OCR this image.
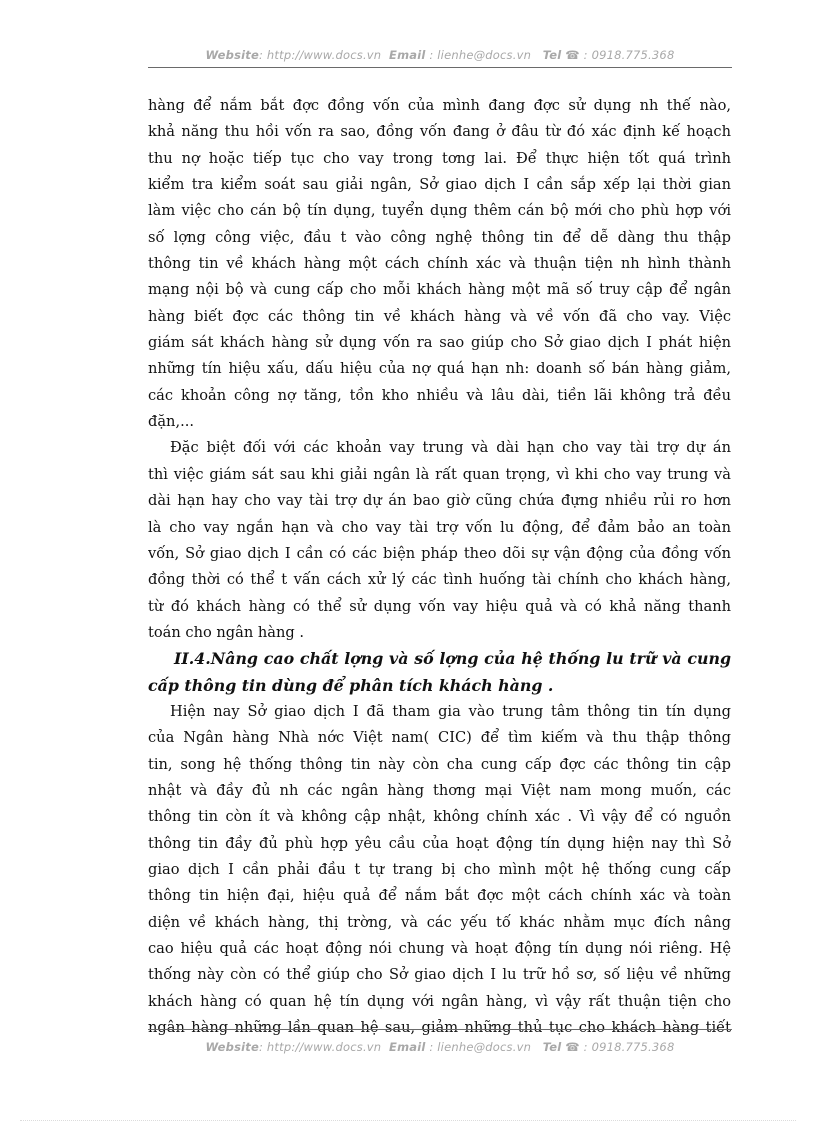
Website: http://www.docs.vn Email : lienhe@docs.vn Tel ☎ : 0918.775.368
hàng để nắm bắt đợc đồng vốn của mình đang đợc sử dụng nh thế nào,
khả năng thu hồi vốn ra sao, đồng vốn đang ở đâu từ đó xác định kế hoạch
thu nợ hoặc tiếp tục cho vay trong tơng lai. Để thực hiện tốt quá trình
kiểm tra kiểm soát sau giải ngân, Sở giao dịch I cần sắp xếp lại thời gian
làm việc cho cán bộ tín dụng, tuyển dụng thêm cán bộ mới cho phù hợp với
số lợng công việc, đầu t vào công nghệ thông tin để dễ dàng thu thập
thông tin về khách hàng một cách chính xác và thuận tiện nh hình thành
mạng nội bộ và cung cấp cho mỗi khách hàng một mã số truy cập để ngân
hàng biết đợc các thông tin về khách hàng và về vốn đã cho vay. Việc
giám sát khách hàng sử dụng vốn ra sao giúp cho Sở giao dịch I phát hiện
những tín hiệu xấu, dấu hiệu của nợ quá hạn nh: doanh số bán hàng giảm,
các khoản công nợ tăng, tồn kho nhiều và lâu dài, tiền lãi không trả đều
đặn,...
Đặc biệt đối với các khoản vay trung và dài hạn cho vay tài trợ dự án
thì việc giám sát sau khi giải ngân là rất quan trọng, vì khi cho vay trung và
dài hạn hay cho vay tài trợ dự án bao giờ cũng chứa đựng nhiều rủi ro hơn
là cho vay ngắn hạn và cho vay tài trợ vốn lu động, để đảm bảo an toàn
vốn, Sở giao dịch I cần có các biện pháp theo dõi sự vận động của đồng vốn
đồng thời có thể t vấn cách xử lý các tình huống tài chính cho khách hàng,
từ đó khách hàng có thể sử dụng vốn vay hiệu quả và có khả năng thanh
toán cho ngân hàng .
II.4.Nâng cao chất lợng và số lợng của hệ thống lu trữ và cung
cấp thông tin dùng để phân tích khách hàng .
Hiện nay Sở giao dịch I đã tham gia vào trung tâm thông tin tín dụng
của Ngân hàng Nhà nớc Việt nam( CIC) để tìm kiếm và thu thập thông
tin, song hệ thống thông tin này còn cha cung cấp đợc các thông tin cập
nhật và đầy đủ nh các ngân hàng thơng mại Việt nam mong muốn, các
thông tin còn ít và không cập nhật, không chính xác . Vì vậy để có nguồn
thông tin đầy đủ phù hợp yêu cầu của hoạt động tín dụng hiện nay thì Sở
giao dịch I cần phải đầu t tự trang bị cho mình một hệ thống cung cấp
thông tin hiện đại, hiệu quả để nắm bắt đợc một cách chính xác và toàn
diện về khách hàng, thị trờng, và các yếu tố khác nhằm mục đích nâng
cao hiệu quả các hoạt động nói chung và hoạt động tín dụng nói riêng. Hệ
thống này còn có thể giúp cho Sở giao dịch I lu trữ hồ sơ, số liệu về những
khách hàng có quan hệ tín dụng với ngân hàng, vì vậy rất thuận tiện cho
ngân hàng những lần quan hệ sau, giảm những thủ tục cho khách hàng tiết
Website: http://www.docs.vn Email : lienhe@docs.vn Tel ☎ : 0918.775.368
